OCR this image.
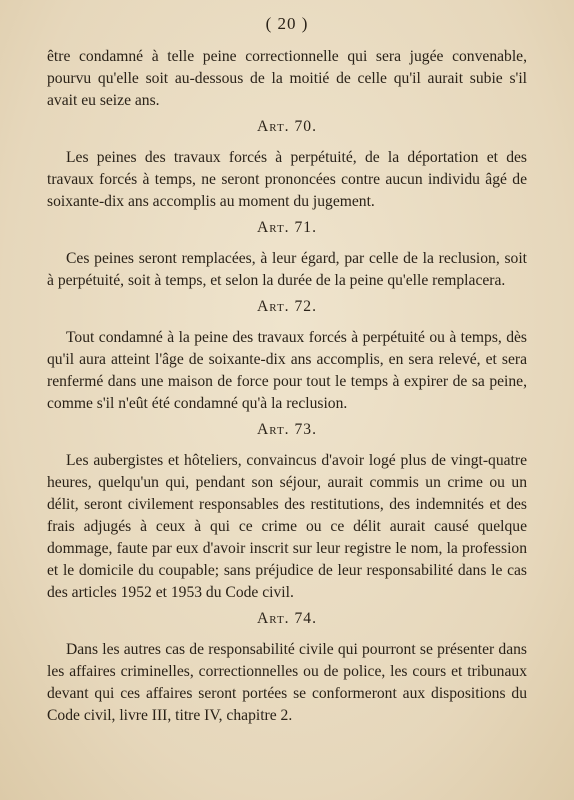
( 20 )

être condamné à telle peine correctionnelle qui sera jugée convenable, pourvu qu'elle soit au-dessous de la moitié de celle qu'il aurait subie s'il avait eu seize ans.

Art. 70.

Les peines des travaux forcés à perpétuité, de la déportation et des travaux forcés à temps, ne seront prononcées contre aucun individu âgé de soixante-dix ans accomplis au moment du jugement.

Art. 71.

Ces peines seront remplacées, à leur égard, par celle de la reclusion, soit à perpétuité, soit à temps, et selon la durée de la peine qu'elle remplacera.

Art. 72.

Tout condamné à la peine des travaux forcés à perpétuité ou à temps, dès qu'il aura atteint l'âge de soixante-dix ans accomplis, en sera relevé, et sera renfermé dans une maison de force pour tout le temps à expirer de sa peine, comme s'il n'eût été condamné qu'à la reclusion.

Art. 73.

Les aubergistes et hôteliers, convaincus d'avoir logé plus de vingt-quatre heures, quelqu'un qui, pendant son séjour, aurait commis un crime ou un délit, seront civilement responsables des restitutions, des indemnités et des frais adjugés à ceux à qui ce crime ou ce délit aurait causé quelque dommage, faute par eux d'avoir inscrit sur leur registre le nom, la profession et le domicile du coupable; sans préjudice de leur responsabilité dans le cas des articles 1952 et 1953 du Code civil.

Art. 74.

Dans les autres cas de responsabilité civile qui pourront se présenter dans les affaires criminelles, correctionnelles ou de police, les cours et tribunaux devant qui ces affaires seront portées se conformeront aux dispositions du Code civil, livre III, titre IV, chapitre 2.
